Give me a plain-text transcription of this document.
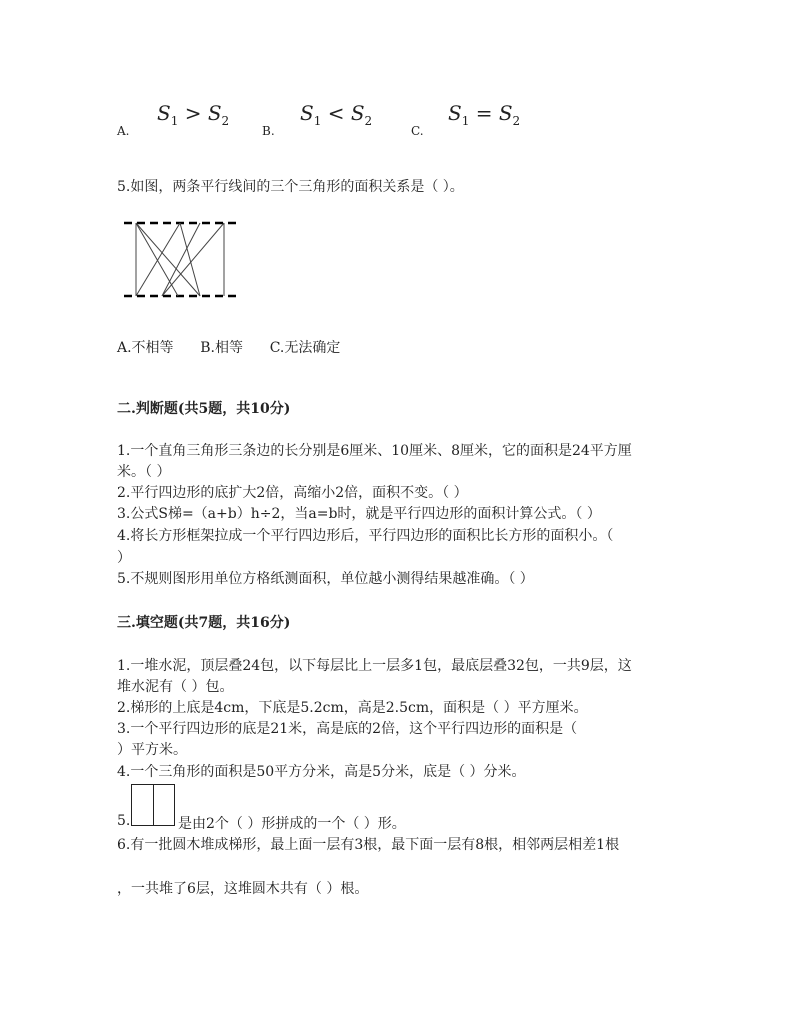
A.
$S_1 > S_2$
B.
$S_1 < S_2$
C.
$S_1 = S_2$
5.如图，两条平行线间的三个三角形的面积关系是（ ）。
A.不相等      B.相等      C.无法确定
二.判断题(共5题，共10分)
1.一个直角三角形三条边的长分别是6厘米、10厘米、8厘米，它的面积是24平方厘
米。（ ）
2.平行四边形的底扩大2倍，高缩小2倍，面积不变。（ ）
3.公式S梯=（a+b）h÷2，当a=b时，就是平行四边形的面积计算公式。（ ）
4.将长方形框架拉成一个平行四边形后，平行四边形的面积比长方形的面积小。（
）
5.不规则图形用单位方格纸测面积，单位越小测得结果越准确。（ ）
三.填空题(共7题，共16分)
1.一堆水泥，顶层叠24包，以下每层比上一层多1包，最底层叠32包，一共9层，这
堆水泥有（ ）包。
2.梯形的上底是4cm，下底是5.2cm，高是2.5cm，面积是（ ）平方厘米。
3.一个平行四边形的底是21米，高是底的2倍，这个平行四边形的面积是（
）平方米。
4.一个三角形的面积是50平方分米，高是5分米，底是（ ）分米。
5.	是由2个（ ）形拼成的一个（ ）形。
6.有一批圆木堆成梯形，最上面一层有3根，最下面一层有8根，相邻两层相差1根
，一共堆了6层，这堆圆木共有（ ）根。
